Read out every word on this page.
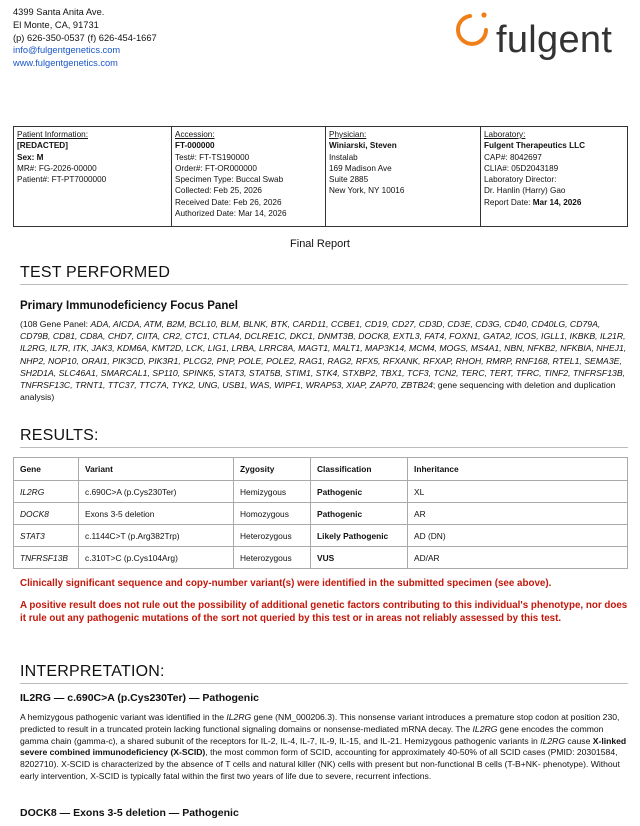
4399 Santa Anita Ave.
El Monte, CA, 91731
(p) 626-350-0537 (f) 626-454-1667
info@fulgentgenetics.com
www.fulgentgenetics.com
fulgent
Patient Information:
[REDACTED]
Sex: M
MR#: FG-2026-00000
Patient#: FT-PT7000000

Accession:
FT-000000
Test#: FT-TS190000
Order#: FT-OR000000
Specimen Type: Buccal Swab
Collected: Feb 25, 2026
Received Date: Feb 26, 2026
Authorized Date: Mar 14, 2026

Physician:
Winiarski, Steven
Instalab
169 Madison Ave
Suite 2885
New York, NY 10016

Laboratory:
Fulgent Therapeutics LLC
CAP#: 8042697
CLIA#: 05D2043189
Laboratory Director:
Dr. Hanlin (Harry) Gao
Report Date: Mar 14, 2026
Final Report
TEST PERFORMED
Primary Immunodeficiency Focus Panel
(108 Gene Panel: ADA, AICDA, ATM, B2M, BCL10, BLM, BLNK, BTK, CARD11, CCBE1, CD19, CD27, CD3D, CD3E, CD3G, CD40, CD40LG, CD79A, CD79B, CD81, CD8A, CHD7, CIITA, CR2, CTC1, CTLA4, DCLRE1C, DKC1, DNMT3B, DOCK8, EXTL3, FAT4, FOXN1, GATA2, ICOS, IGLL1, IKBKB, IL21R, IL2RG, IL7R, ITK, JAK3, KDM6A, KMT2D, LCK, LIG1, LRBA, LRRC8A, MAGT1, MALT1, MAP3K14, MCM4, MOGS, MS4A1, NBN, NFKB2, NFKBIA, NHEJ1, NHP2, NOP10, ORAI1, PIK3CD, PIK3R1, PLCG2, PNP, POLE, POLE2, RAG1, RAG2, RFX5, RFXANK, RFXAP, RHOH, RMRP, RNF168, RTEL1, SEMA3E, SH2D1A, SLC46A1, SMARCAL1, SP110, SPINK5, STAT3, STAT5B, STIM1, STK4, STXBP2, TBX1, TCF3, TCN2, TERC, TERT, TFRC, TINF2, TNFRSF13B, TNFRSF13C, TRNT1, TTC37, TTC7A, TYK2, UNG, USB1, WAS, WIPF1, WRAP53, XIAP, ZAP70, ZBTB24; gene sequencing with deletion and duplication analysis)
RESULTS:
Gene	Variant	Zygosity	Classification	Inheritance
IL2RG	c.690C>A (p.Cys230Ter)	Hemizygous	Pathogenic	XL
DOCK8	Exons 3-5 deletion	Homozygous	Pathogenic	AR
STAT3	c.1144C>T (p.Arg382Trp)	Heterozygous	Likely Pathogenic	AD (DN)
TNFRSF13B	c.310T>C (p.Cys104Arg)	Heterozygous	VUS	AD/AR
Clinically significant sequence and copy-number variant(s) were identified in the submitted specimen (see above).
A positive result does not rule out the possibility of additional genetic factors contributing to this individual's phenotype, nor does it rule out any pathogenic mutations of the sort not queried by this test or in areas not reliably assessed by this test.
INTERPRETATION:
IL2RG — c.690C>A (p.Cys230Ter) — Pathogenic
A hemizygous pathogenic variant was identified in the IL2RG gene (NM_000206.3). This nonsense variant introduces a premature stop codon at position 230, predicted to result in a truncated protein lacking functional signaling domains or nonsense-mediated mRNA decay. The IL2RG gene encodes the common gamma chain (gamma-c), a shared subunit of the receptors for IL-2, IL-4, IL-7, IL-9, IL-15, and IL-21. Hemizygous pathogenic variants in IL2RG cause X-linked severe combined immunodeficiency (X-SCID), the most common form of SCID, accounting for approximately 40-50% of all SCID cases (PMID: 20301584, 8202710). X-SCID is characterized by the absence of T cells and natural killer (NK) cells with present but non-functional B cells (T-B+NK- phenotype). Without early intervention, X-SCID is typically fatal within the first two years of life due to severe, recurrent infections.
DOCK8 — Exons 3-5 deletion — Pathogenic
